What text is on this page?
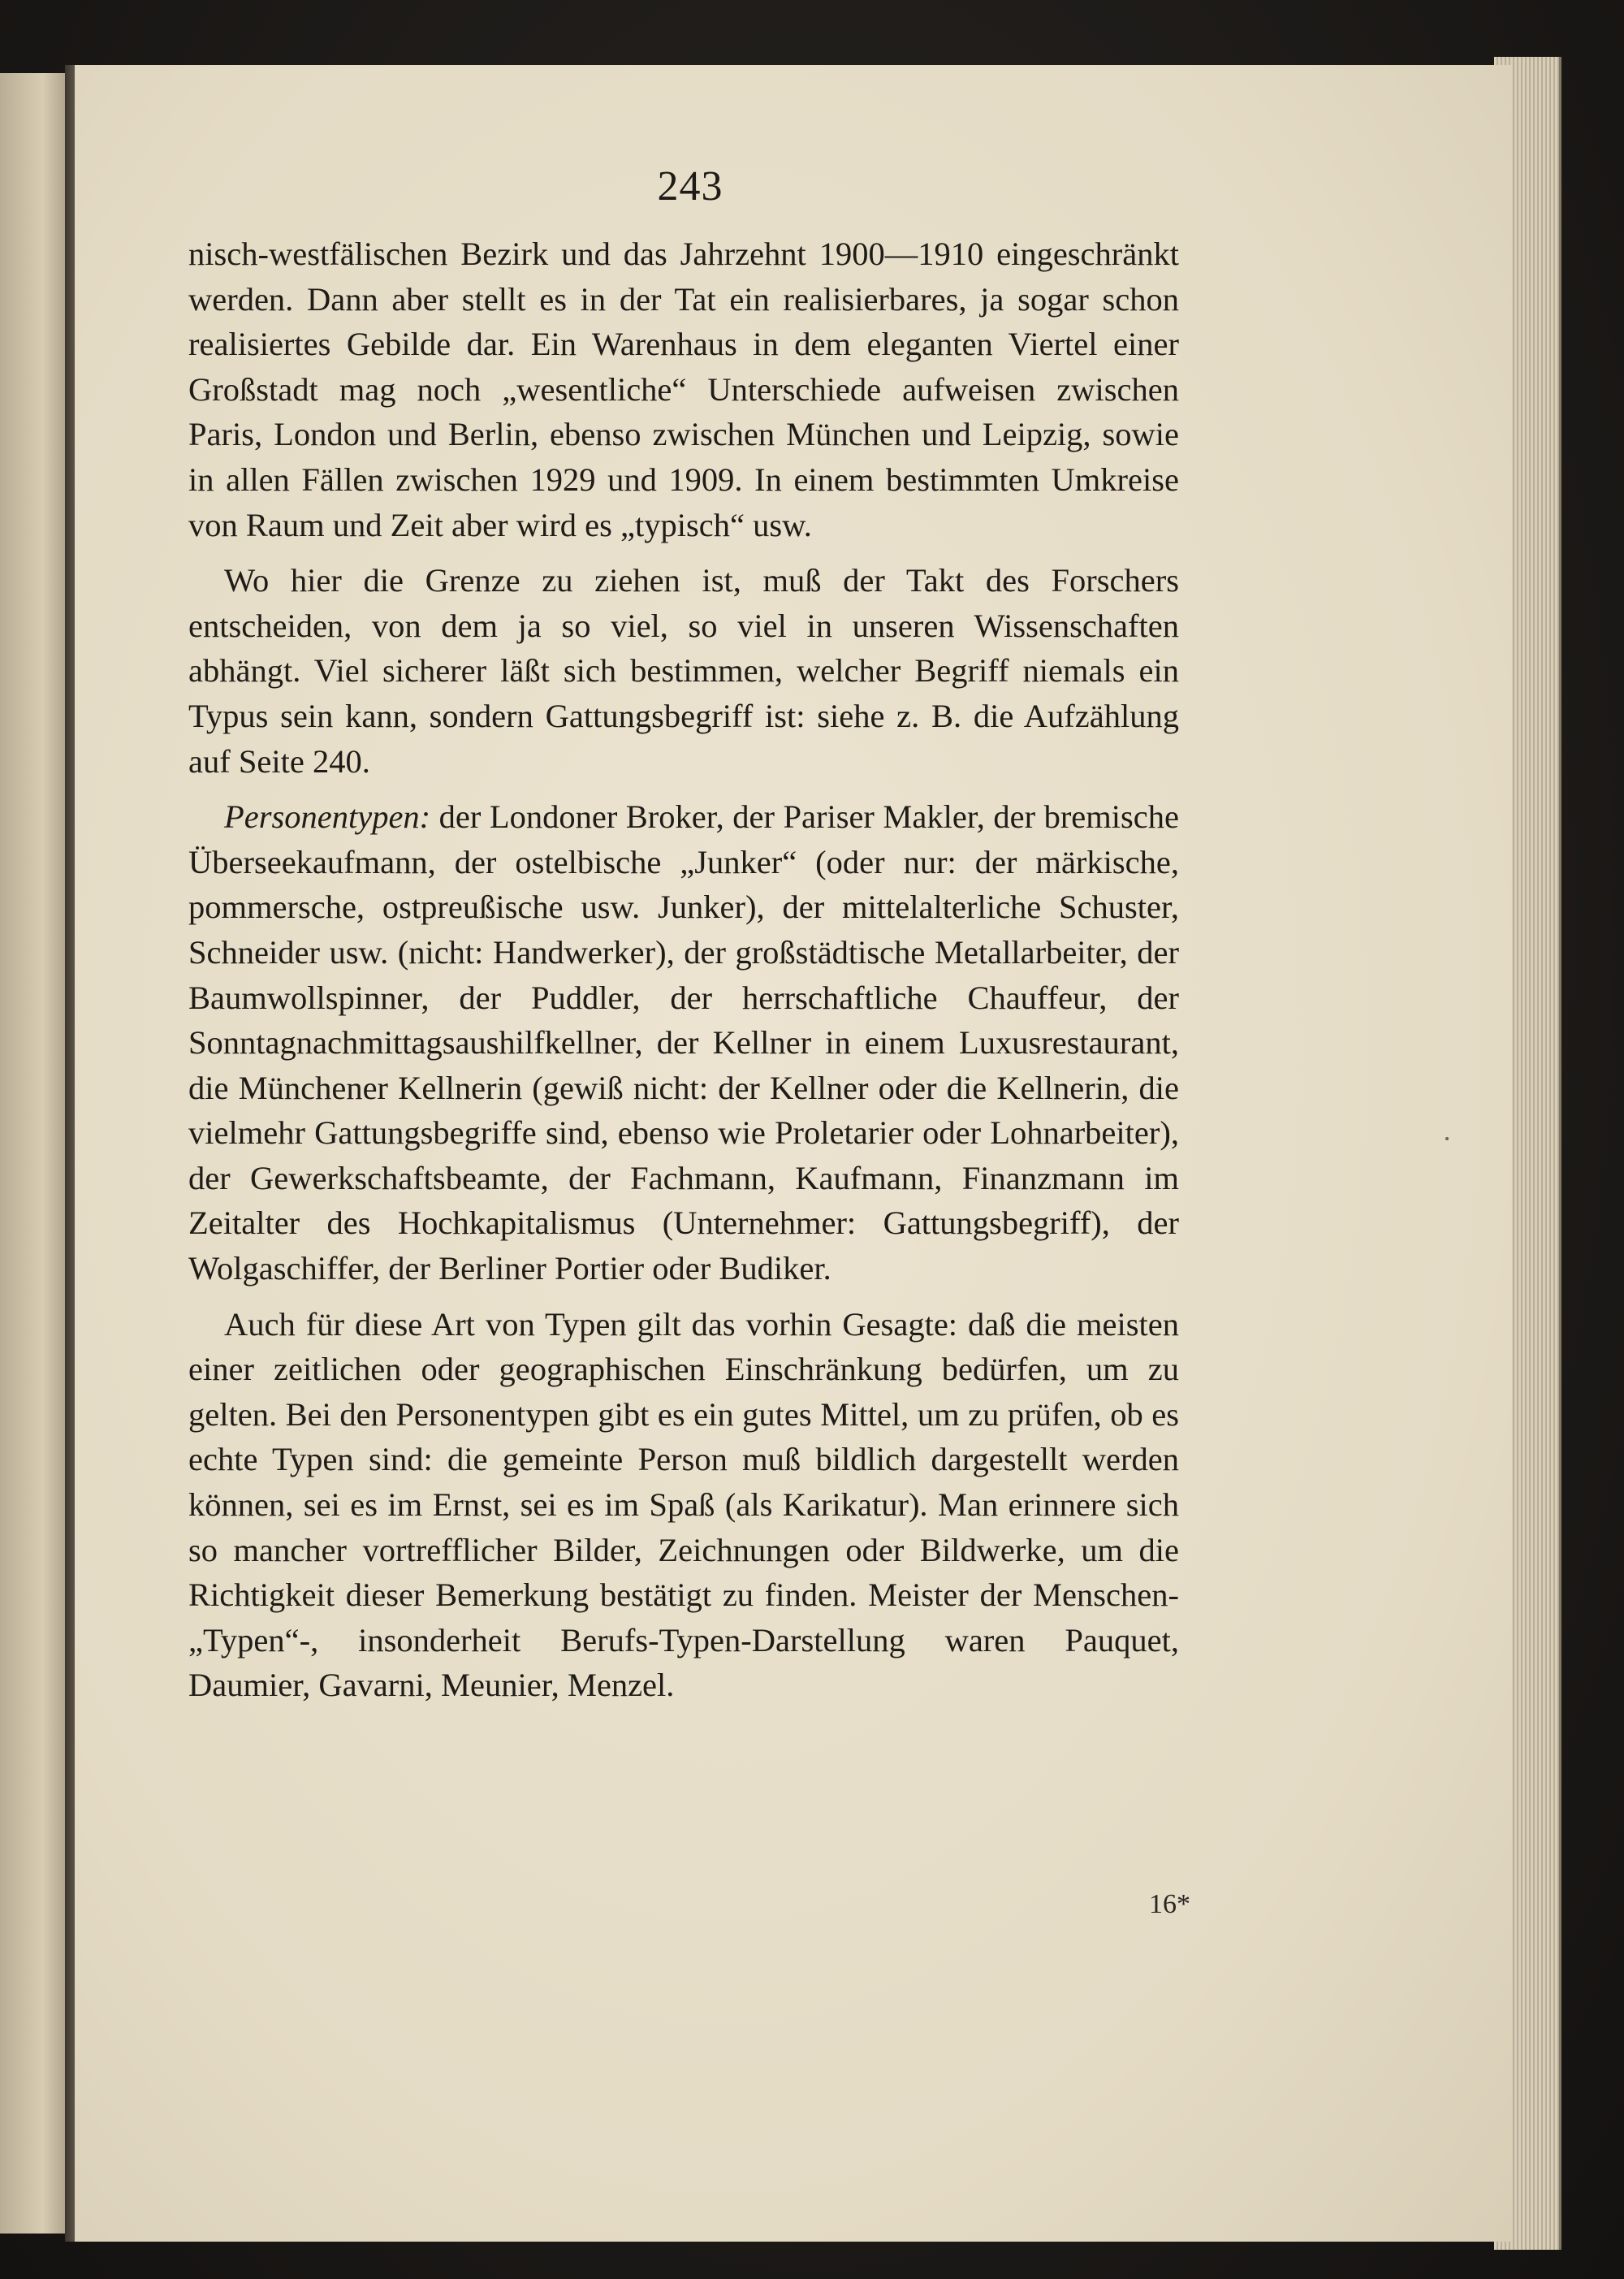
243

nisch-westfälischen Bezirk und das Jahrzehnt 1900—1910 eingeschränkt werden. Dann aber stellt es in der Tat ein realisierbares, ja sogar schon realisiertes Gebilde dar. Ein Warenhaus in dem eleganten Viertel einer Großstadt mag noch „wesentliche“ Unterschiede aufweisen zwischen Paris, London und Berlin, ebenso zwischen München und Leipzig, sowie in allen Fällen zwischen 1929 und 1909. In einem bestimmten Umkreise von Raum und Zeit aber wird es „typisch“ usw.

Wo hier die Grenze zu ziehen ist, muß der Takt des Forschers entscheiden, von dem ja so viel, so viel in unseren Wissenschaften abhängt. Viel sicherer läßt sich bestimmen, welcher Begriff niemals ein Typus sein kann, sondern Gattungsbegriff ist: siehe z. B. die Aufzählung auf Seite 240.

Personentypen: der Londoner Broker, der Pariser Makler, der bremische Überseekaufmann, der ostelbische „Junker“ (oder nur: der märkische, pommersche, ostpreußische usw. Junker), der mittelalterliche Schuster, Schneider usw. (nicht: Handwerker), der großstädtische Metallarbeiter, der Baumwollspinner, der Puddler, der herrschaftliche Chauffeur, der Sonntagnachmittagsaushilfkellner, der Kellner in einem Luxusrestaurant, die Münchener Kellnerin (gewiß nicht: der Kellner oder die Kellnerin, die vielmehr Gattungsbegriffe sind, ebenso wie Proletarier oder Lohnarbeiter), der Gewerkschaftsbeamte, der Fachmann, Kaufmann, Finanzmann im Zeitalter des Hochkapitalismus (Unternehmer: Gattungsbegriff), der Wolgaschiffer, der Berliner Portier oder Budiker.

Auch für diese Art von Typen gilt das vorhin Gesagte: daß die meisten einer zeitlichen oder geographischen Einschränkung bedürfen, um zu gelten. Bei den Personentypen gibt es ein gutes Mittel, um zu prüfen, ob es echte Typen sind: die gemeinte Person muß bildlich dargestellt werden können, sei es im Ernst, sei es im Spaß (als Karikatur). Man erinnere sich so mancher vortrefflicher Bilder, Zeichnungen oder Bildwerke, um die Richtigkeit dieser Bemerkung bestätigt zu finden. Meister der Menschen-„Typen“-, insonderheit Berufs-Typen-Darstellung waren Pauquet, Daumier, Gavarni, Meunier, Menzel.

16*
